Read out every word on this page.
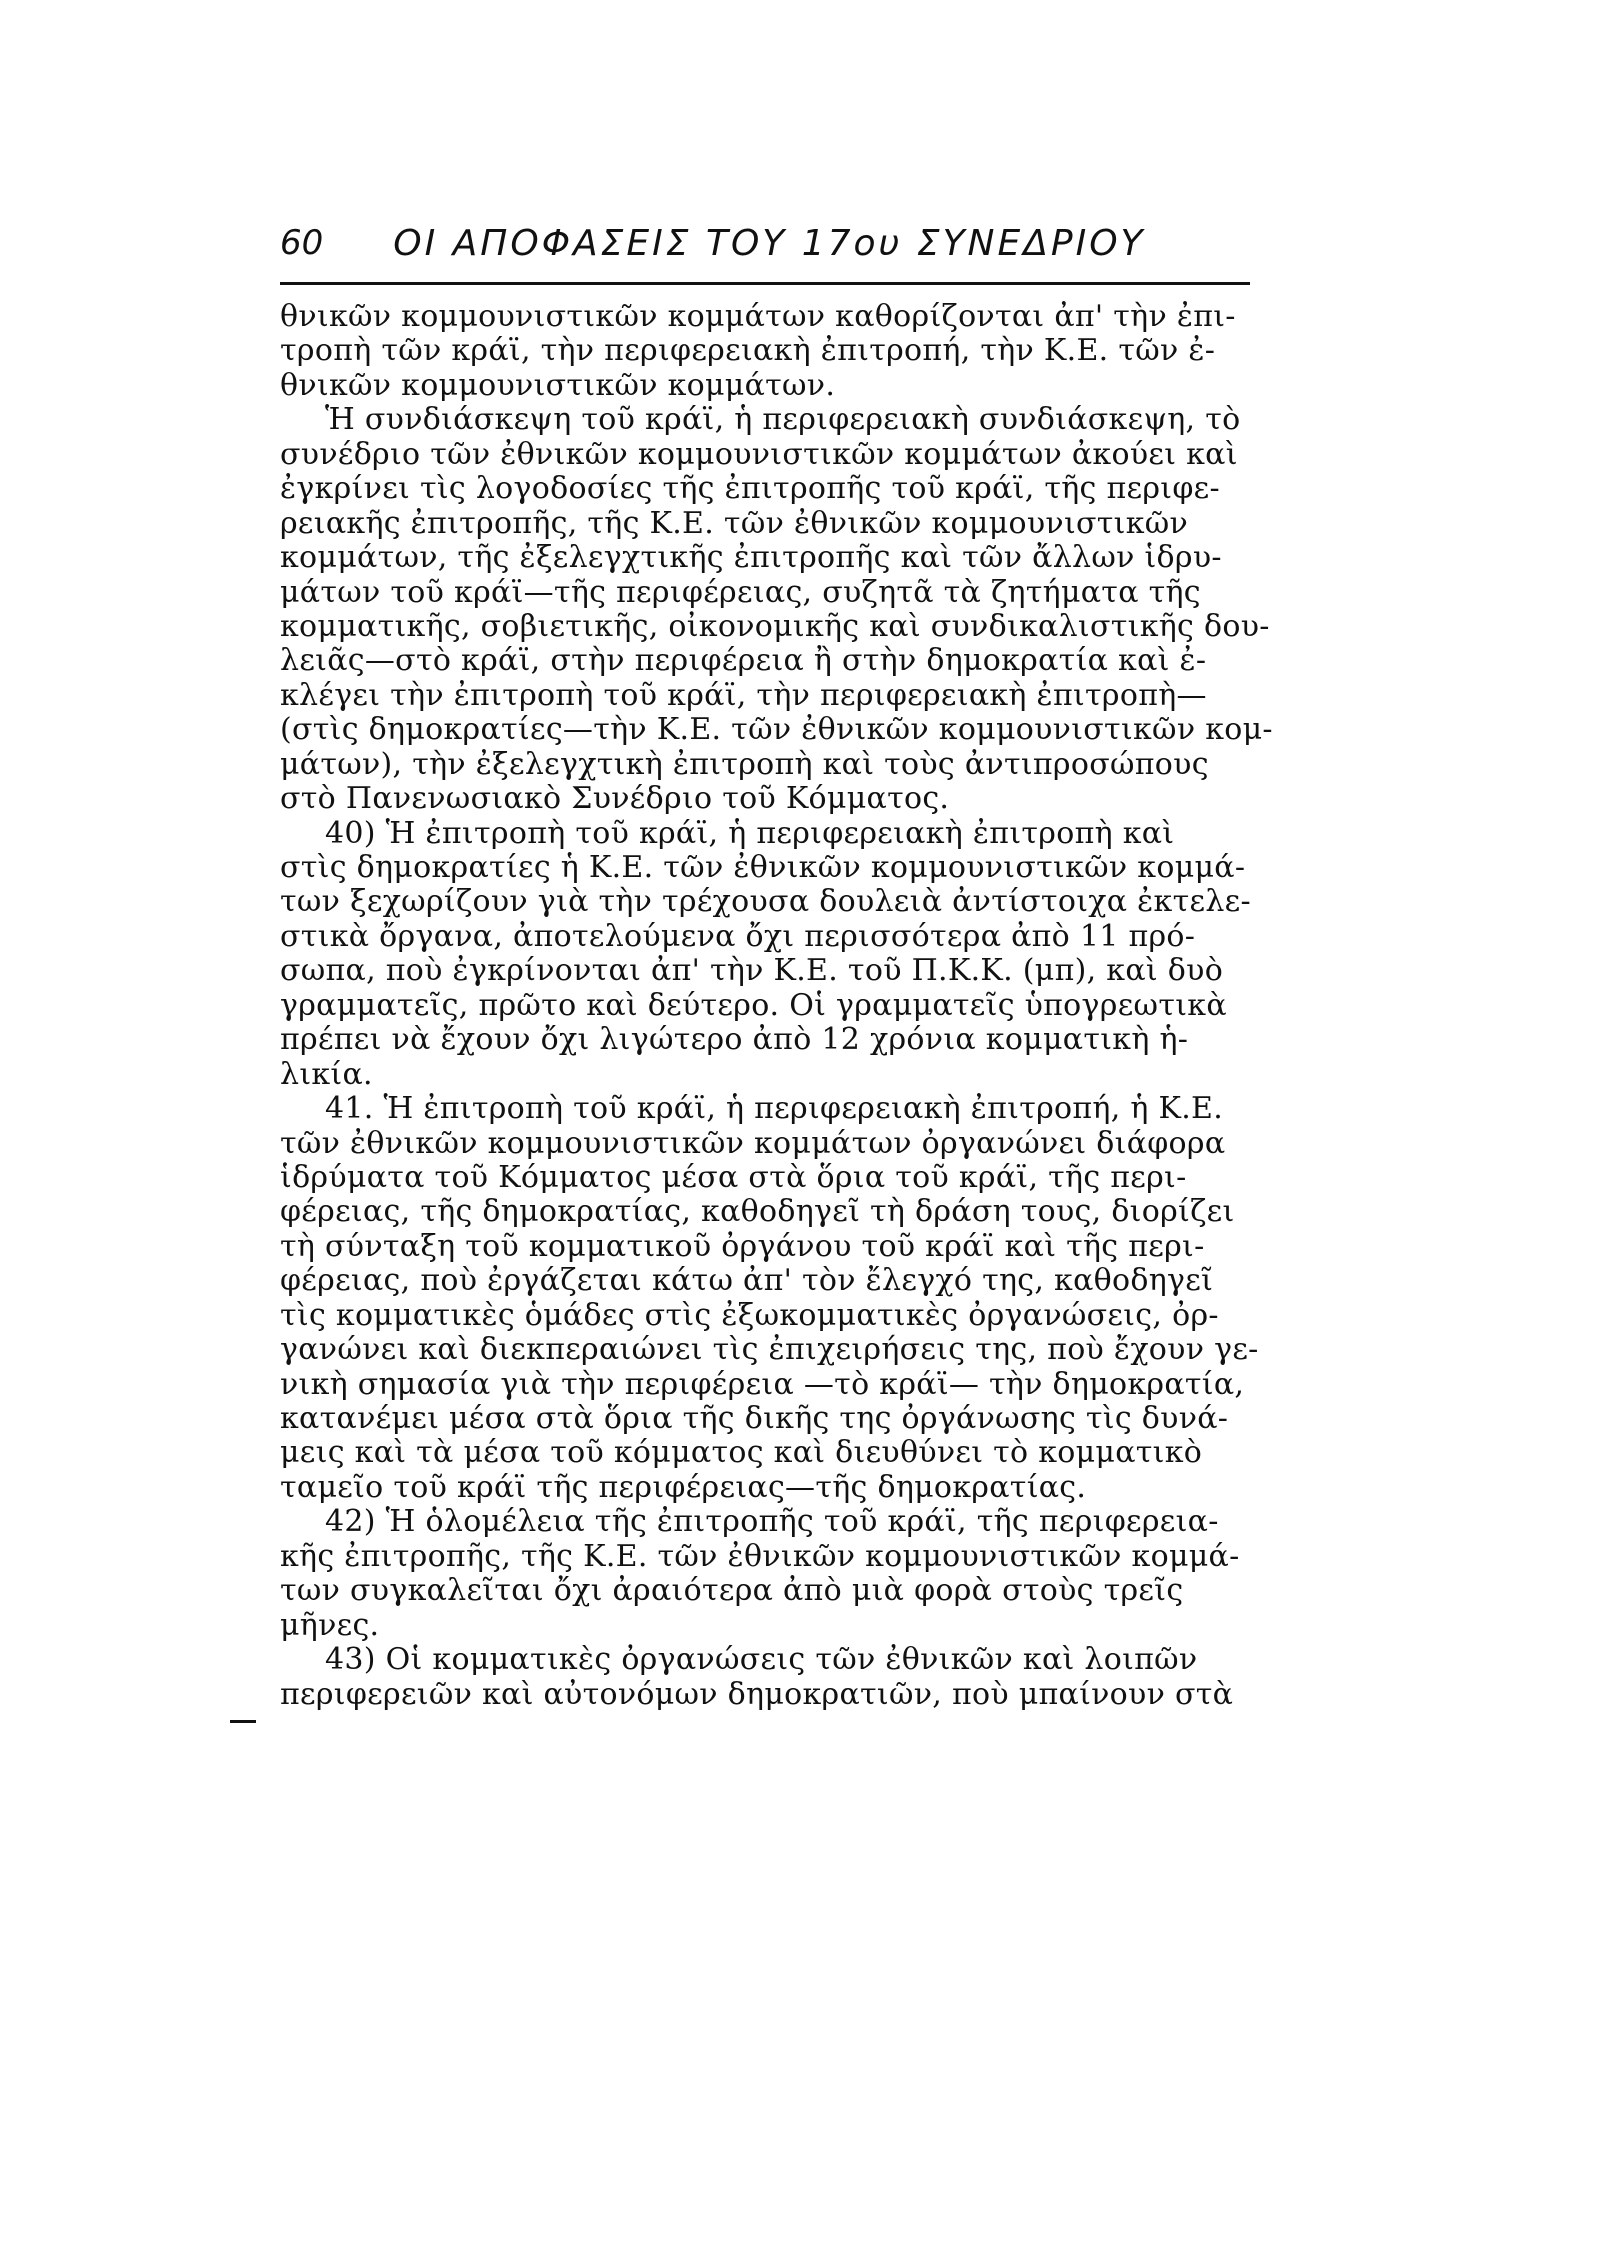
60 ΟΙ ΑΠΟΦΑΣΕΙΣ ΤΟΥ 17ου ΣΥΝΕΔΡΙΟΥ
θνικῶν κομμουνιστικῶν κομμάτων καθορίζονται ἀπ' τὴν ἐπι-
τροπὴ τῶν κράϊ, τὴν περιφερειακὴ ἐπιτροπή, τὴν Κ.Ε. τῶν ἐ-
θνικῶν κομμουνιστικῶν κομμάτων.
Ἡ συνδιάσκεψη τοῦ κράϊ, ἡ περιφερειακὴ συνδιάσκεψη, τὸ
συνέδριο τῶν ἐθνικῶν κομμουνιστικῶν κομμάτων ἀκούει καὶ
ἐγκρίνει τὶς λογοδοσίες τῆς ἐπιτροπῆς τοῦ κράϊ, τῆς περιφε-
ρειακῆς ἐπιτροπῆς, τῆς Κ.Ε. τῶν ἐθνικῶν κομμουνιστικῶν
κομμάτων, τῆς ἐξελεγχτικῆς ἐπιτροπῆς καὶ τῶν ἄλλων ἱδρυ-
μάτων τοῦ κράϊ—τῆς περιφέρειας, συζητᾶ τὰ ζητήματα τῆς
κομματικῆς, σοβιετικῆς, οἰκονομικῆς καὶ συνδικαλιστικῆς δου-
λειᾶς—στὸ κράϊ, στὴν περιφέρεια ἢ στὴν δημοκρατία καὶ ἐ-
κλέγει τὴν ἐπιτροπὴ τοῦ κράϊ, τὴν περιφερειακὴ ἐπιτροπὴ—
(στὶς δημοκρατίες—τὴν Κ.Ε. τῶν ἐθνικῶν κομμουνιστικῶν κομ-
μάτων), τὴν ἐξελεγχτικὴ ἐπιτροπὴ καὶ τοὺς ἀντιπροσώπους
στὸ Πανενωσιακὸ Συνέδριο τοῦ Κόμματος.
40) Ἡ ἐπιτροπὴ τοῦ κράϊ, ἡ περιφερειακὴ ἐπιτροπὴ καὶ
στὶς δημοκρατίες ἡ Κ.Ε. τῶν ἐθνικῶν κομμουνιστικῶν κομμά-
των ξεχωρίζουν γιὰ τὴν τρέχουσα δουλειὰ ἀντίστοιχα ἐκτελε-
στικὰ ὄργανα, ἀποτελούμενα ὄχι περισσότερα ἀπὸ 11 πρό-
σωπα, ποὺ ἐγκρίνονται ἀπ' τὴν Κ.Ε. τοῦ Π.Κ.Κ. (μπ), καὶ δυὸ
γραμματεῖς, πρῶτο καὶ δεύτερο. Οἱ γραμματεῖς ὑπογρεωτικὰ
πρέπει νὰ ἔχουν ὄχι λιγώτερο ἀπὸ 12 χρόνια κομματικὴ ἡ-
λικία.
41. Ἡ ἐπιτροπὴ τοῦ κράϊ, ἡ περιφερειακὴ ἐπιτροπή, ἡ Κ.Ε.
τῶν ἐθνικῶν κομμουνιστικῶν κομμάτων ὀργανώνει διάφορα
ἱδρύματα τοῦ Κόμματος μέσα στὰ ὅρια τοῦ κράϊ, τῆς περι-
φέρειας, τῆς δημοκρατίας, καθοδηγεῖ τὴ δράση τους, διορίζει
τὴ σύνταξη τοῦ κομματικοῦ ὀργάνου τοῦ κράϊ καὶ τῆς περι-
φέρειας, ποὺ ἐργάζεται κάτω ἀπ' τὸν ἔλεγχό της, καθοδηγεῖ
τὶς κομματικὲς ὁμάδες στὶς ἐξωκομματικὲς ὀργανώσεις, ὀρ-
γανώνει καὶ διεκπεραιώνει τὶς ἐπιχειρήσεις της, ποὺ ἔχουν γε-
νικὴ σημασία γιὰ τὴν περιφέρεια —τὸ κράϊ— τὴν δημοκρατία,
κατανέμει μέσα στὰ ὅρια τῆς δικῆς της ὀργάνωσης τὶς δυνά-
μεις καὶ τὰ μέσα τοῦ κόμματος καὶ διευθύνει τὸ κομματικὸ
ταμεῖο τοῦ κράϊ τῆς περιφέρειας—τῆς δημοκρατίας.
42) Ἡ ὁλομέλεια τῆς ἐπιτροπῆς τοῦ κράϊ, τῆς περιφερεια-
κῆς ἐπιτροπῆς, τῆς Κ.Ε. τῶν ἐθνικῶν κομμουνιστικῶν κομμά-
των συγκαλεῖται ὄχι ἀραιότερα ἀπὸ μιὰ φορὰ στοὺς τρεῖς
μῆνες.
43) Οἱ κομματικὲς ὀργανώσεις τῶν ἐθνικῶν καὶ λοιπῶν
περιφερειῶν καὶ αὐτονόμων δημοκρατιῶν, ποὺ μπαίνουν στὰ
